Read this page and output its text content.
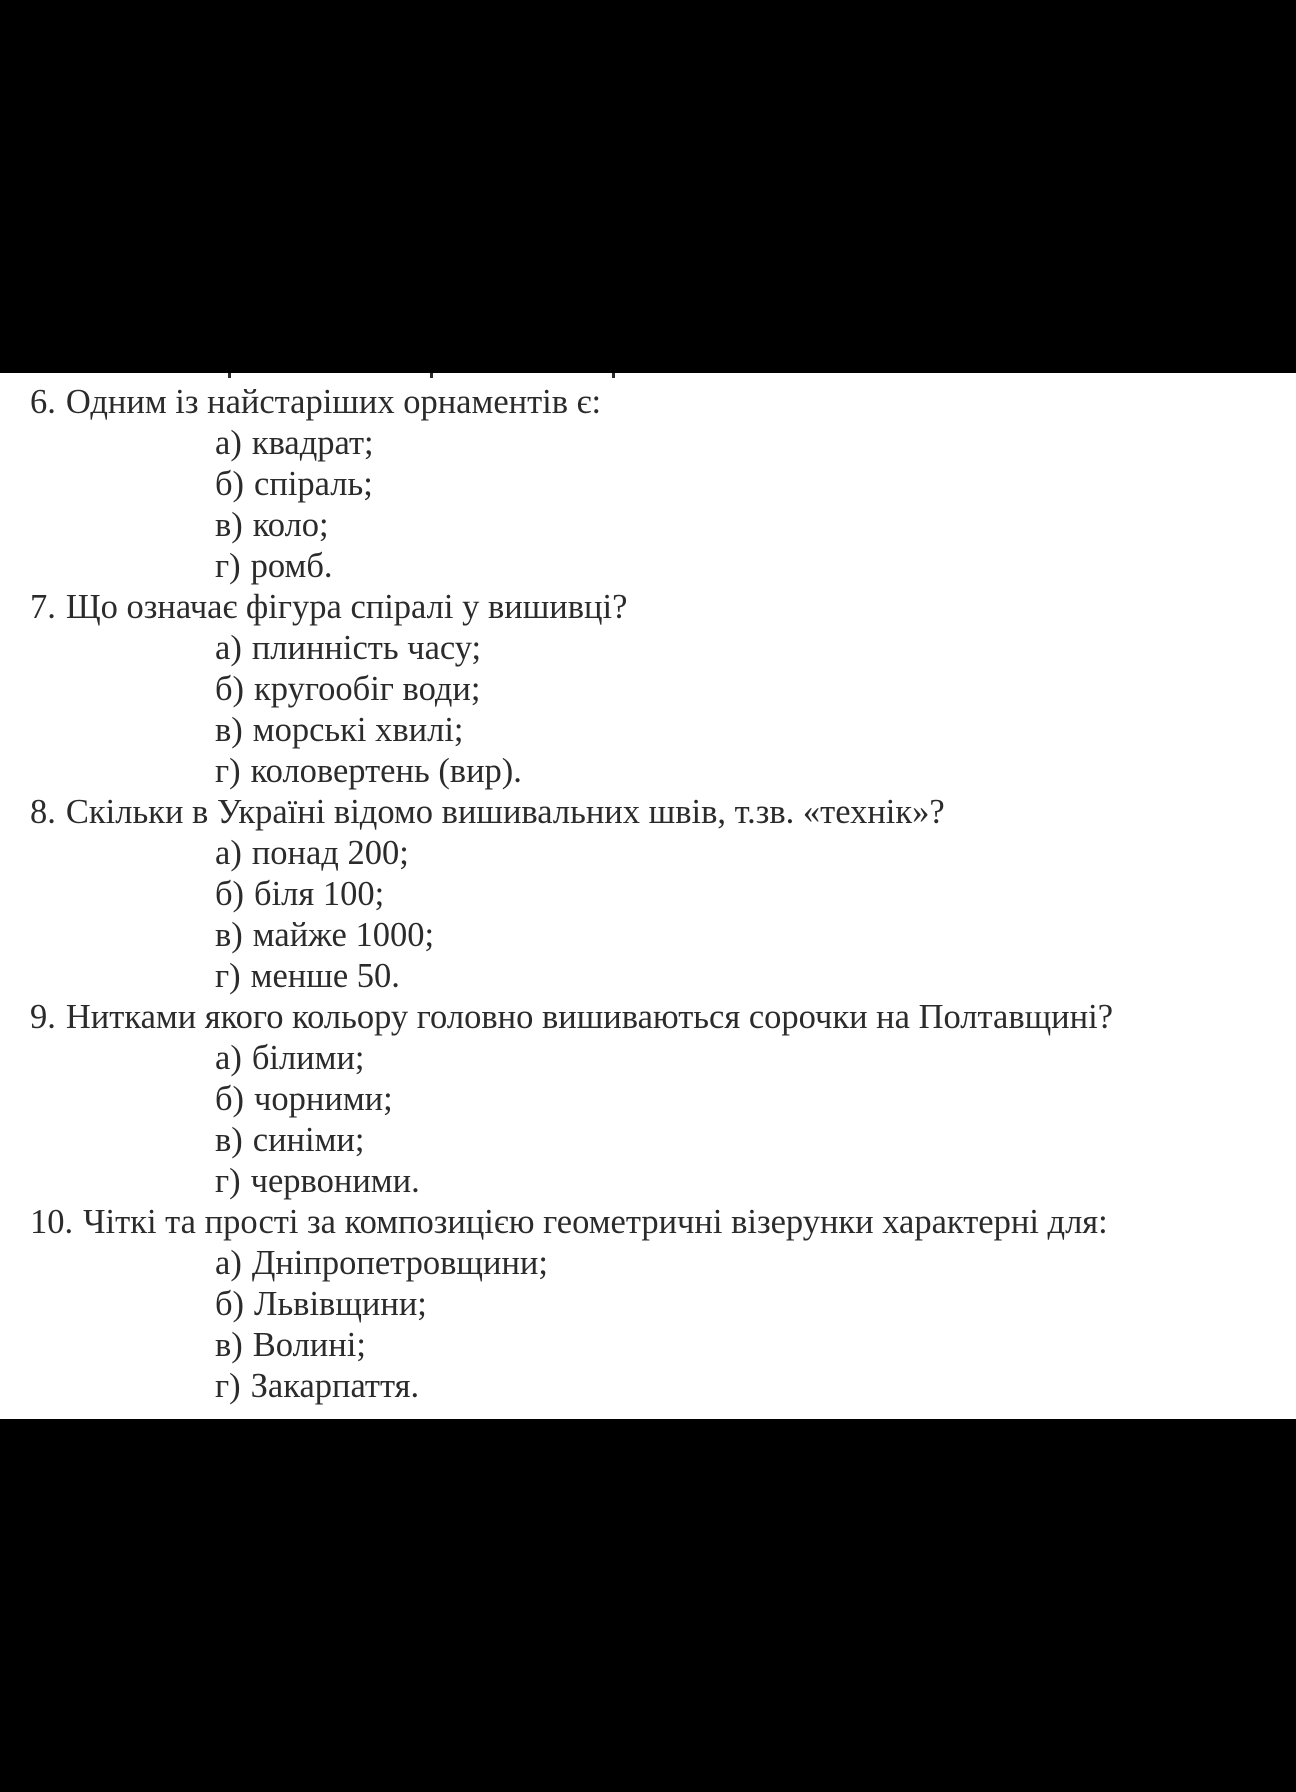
6. Одним із найстаріших орнаментів є:
а) квадрат;
б) спіраль;
в) коло;
г) ромб.
7. Що означає фігура спіралі у вишивці?
а) плинність часу;
б) кругообіг води;
в) морські хвилі;
г) коловертень (вир).
8. Скільки в Україні відомо вишивальних швів, т.зв. «технік»?
а) понад 200;
б) біля 100;
в) майже 1000;
г) менше 50.
9. Нитками якого кольору головно вишиваються сорочки на Полтавщині?
а) білими;
б) чорними;
в) синіми;
г) червоними.
10. Чіткі та прості за композицією геометричні візерунки характерні для:
а) Дніпропетровщини;
б) Львівщини;
в) Волині;
г) Закарпаття.
